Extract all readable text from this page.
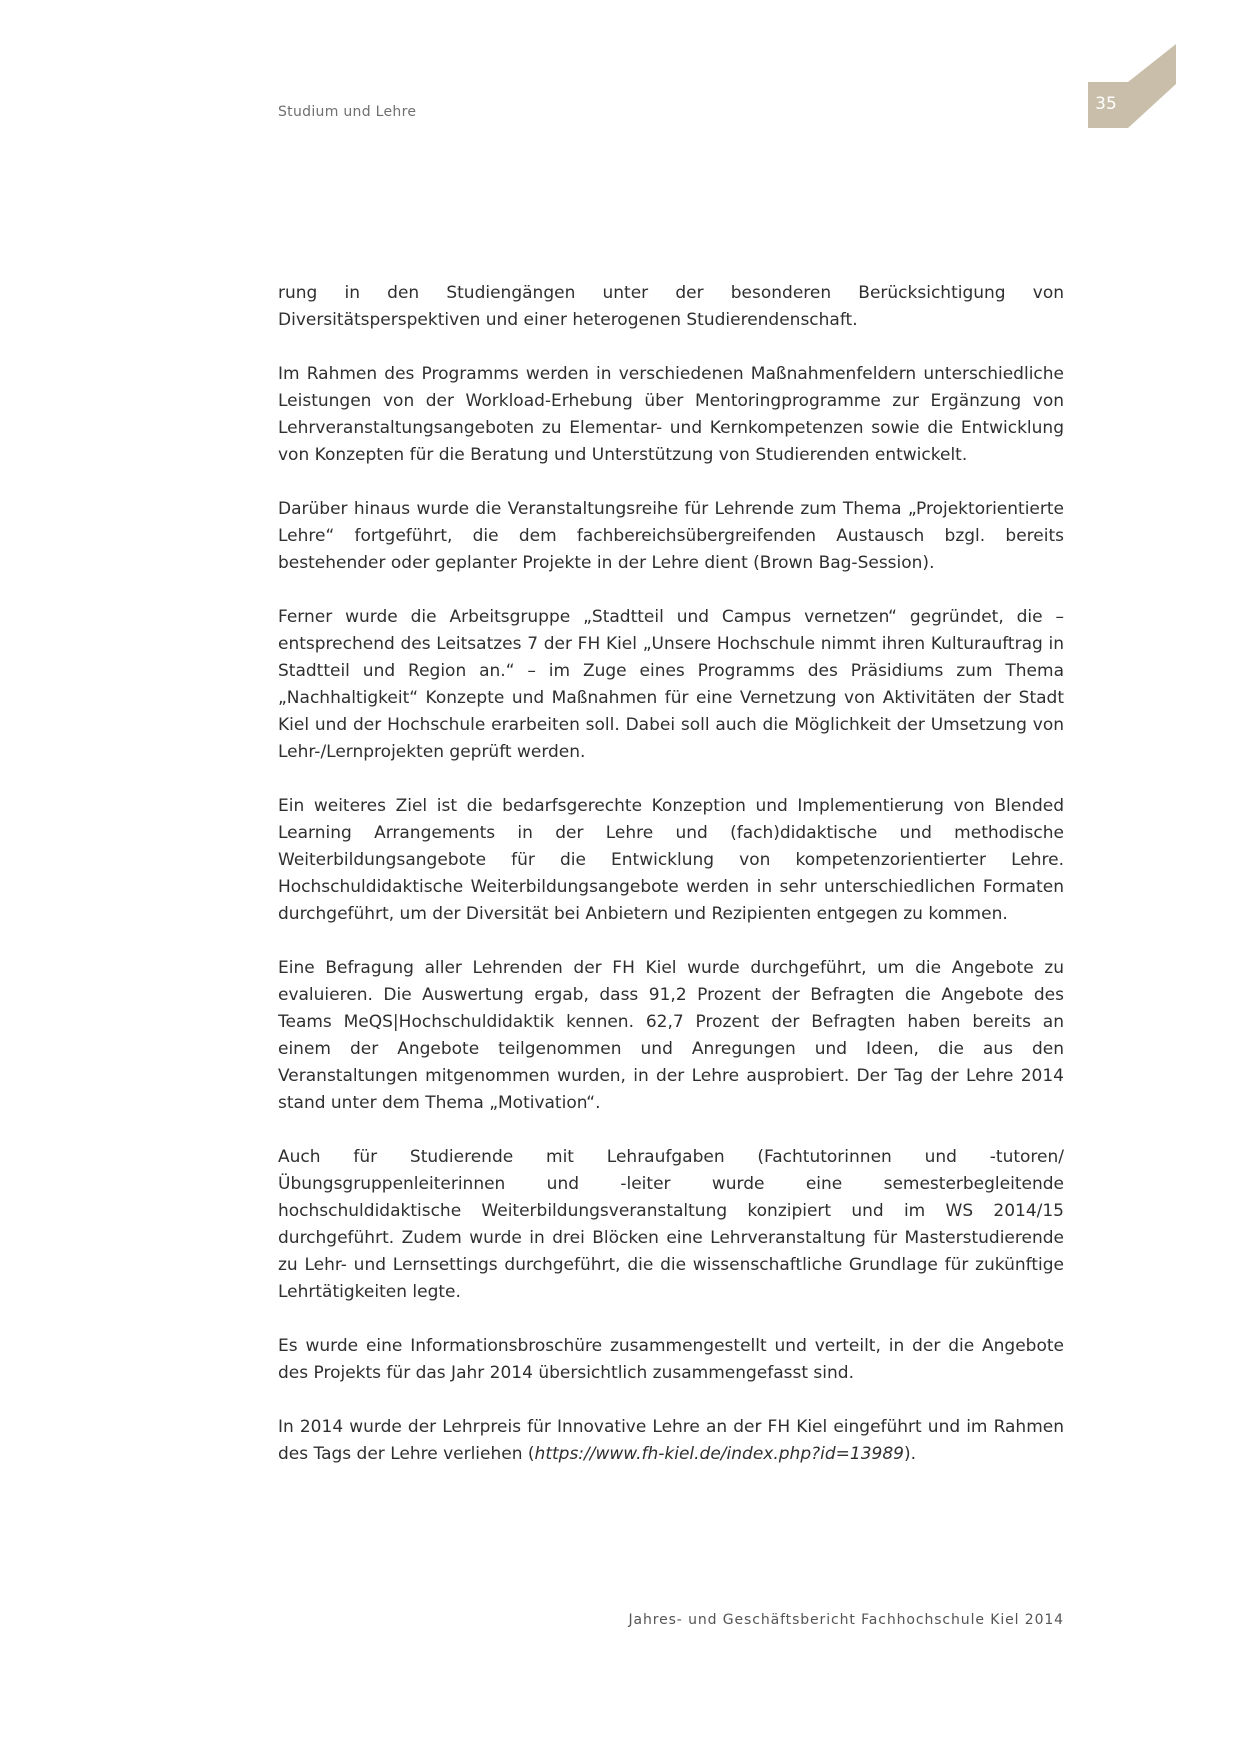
Studium und Lehre	35

rung in den Studiengängen unter der besonderen Berücksichtigung von Diversitätsperspektiven und einer heterogenen Studierendenschaft.

Im Rahmen des Programms werden in verschiedenen Maßnahmenfeldern unterschiedliche Leistungen von der Workload-Erhebung über Mentoringprogramme zur Ergänzung von Lehrveranstaltungsangeboten zu Elementar- und Kernkompetenzen sowie die Entwicklung von Konzepten für die Beratung und Unterstützung von Studierenden entwickelt.

Darüber hinaus wurde die Veranstaltungsreihe für Lehrende zum Thema „Projektorientierte Lehre“ fortgeführt, die dem fachbereichsübergreifenden Austausch bzgl. bereits bestehender oder geplanter Projekte in der Lehre dient (Brown Bag-Session).

Ferner wurde die Arbeitsgruppe „Stadtteil und Campus vernetzen“ gegründet, die – entsprechend des Leitsatzes 7 der FH Kiel „Unsere Hochschule nimmt ihren Kulturauftrag in Stadtteil und Region an.“ – im Zuge eines Programms des Präsidiums zum Thema „Nachhaltigkeit“ Konzepte und Maßnahmen für eine Vernetzung von Aktivitäten der Stadt Kiel und der Hochschule erarbeiten soll. Dabei soll auch die Möglichkeit der Umsetzung von Lehr-/Lernprojekten geprüft werden.

Ein weiteres Ziel ist die bedarfsgerechte Konzeption und Implementierung von Blended Learning Arrangements in der Lehre und (fach)didaktische und methodische Weiterbildungsangebote für die Entwicklung von kompetenzorientierter Lehre. Hochschuldidaktische Weiterbildungsangebote werden in sehr unterschiedlichen Formaten durchgeführt, um der Diversität bei Anbietern und Rezipienten entgegen zu kommen.

Eine Befragung aller Lehrenden der FH Kiel wurde durchgeführt, um die Angebote zu evaluieren. Die Auswertung ergab, dass 91,2 Prozent der Befragten die Angebote des Teams MeQS|Hochschuldidaktik kennen. 62,7 Prozent der Befragten haben bereits an einem der Angebote teilgenommen und Anregungen und Ideen, die aus den Veranstaltungen mitgenommen wurden, in der Lehre ausprobiert. Der Tag der Lehre 2014 stand unter dem Thema „Motivation“.

Auch für Studierende mit Lehraufgaben (Fachtutorinnen und -tutoren/Übungsgruppenleiterinnen und -leiter wurde eine semesterbegleitende hochschuldidaktische Weiterbildungsveranstaltung konzipiert und im WS 2014/15 durchgeführt. Zudem wurde in drei Blöcken eine Lehrveranstaltung für Masterstudierende zu Lehr- und Lernsettings durchgeführt, die die wissenschaftliche Grundlage für zukünftige Lehrtätigkeiten legte.

Es wurde eine Informationsbroschüre zusammengestellt und verteilt, in der die Angebote des Projekts für das Jahr 2014 übersichtlich zusammengefasst sind.

In 2014 wurde der Lehrpreis für Innovative Lehre an der FH Kiel eingeführt und im Rahmen des Tags der Lehre verliehen (https://www.fh-kiel.de/index.php?id=13989).

Jahres- und Geschäftsbericht Fachhochschule Kiel 2014
